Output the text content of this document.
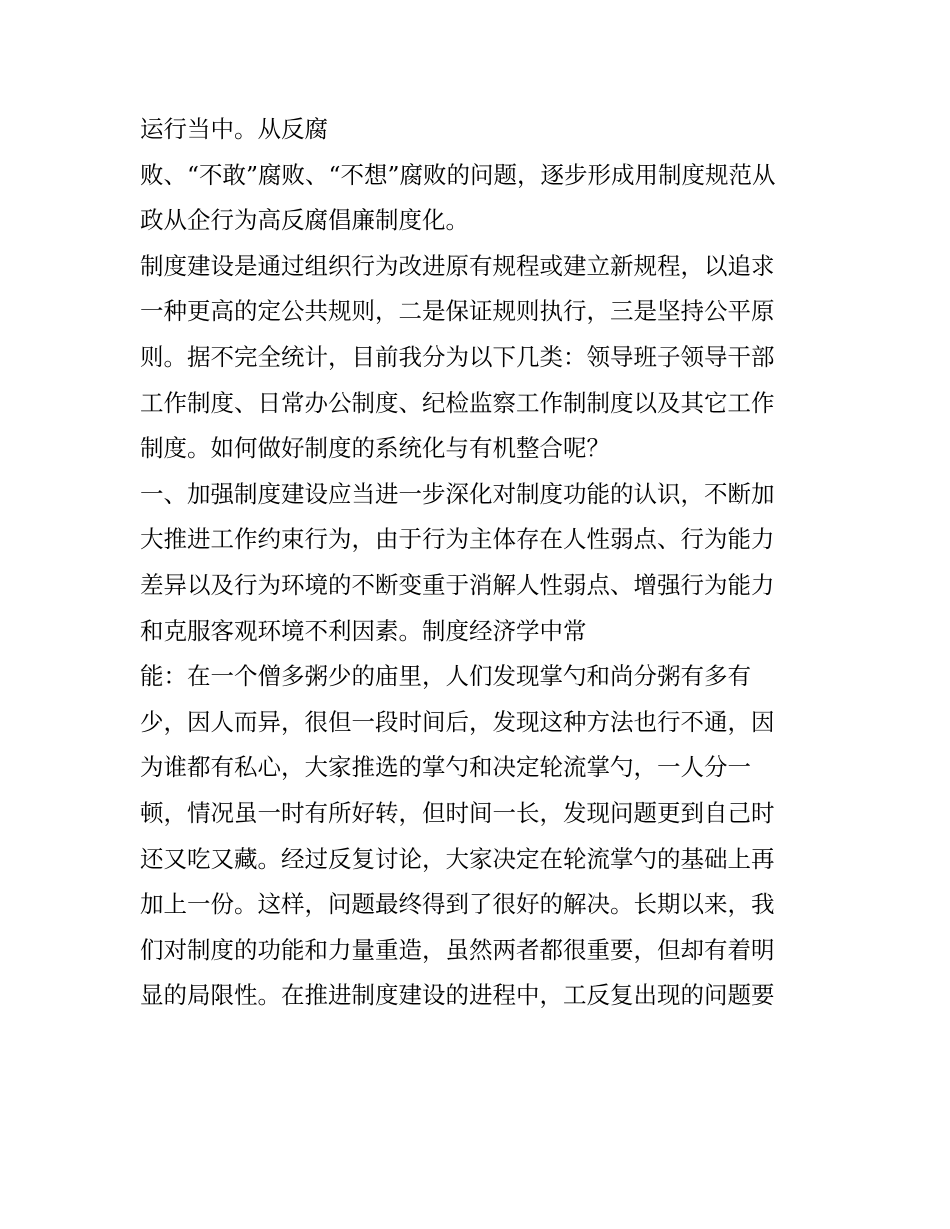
运行当中。从反腐
败、“不敢”腐败、“不想”腐败的问题，逐步形成用制度规范从
政从企行为高反腐倡廉制度化。
制度建设是通过组织行为改进原有规程或建立新规程，以追求
一种更高的定公共规则，二是保证规则执行，三是坚持公平原
则。据不完全统计，目前我分为以下几类：领导班子领导干部
工作制度、日常办公制度、纪检监察工作制制度以及其它工作
制度。如何做好制度的系统化与有机整合呢？
一、加强制度建设应当进一步深化对制度功能的认识，不断加
大推进工作约束行为，由于行为主体存在人性弱点、行为能力
差异以及行为环境的不断变重于消解人性弱点、增强行为能力
和克服客观环境不利因素。制度经济学中常
能：在一个僧多粥少的庙里，人们发现掌勺和尚分粥有多有
少，因人而异，很但一段时间后，发现这种方法也行不通，因
为谁都有私心，大家推选的掌勺和决定轮流掌勺，一人分一
顿，情况虽一时有所好转，但时间一长，发现问题更到自己时
还又吃又藏。经过反复讨论，大家决定在轮流掌勺的基础上再
加上一份。这样，问题最终得到了很好的解决。长期以来，我
们对制度的功能和力量重造，虽然两者都很重要，但却有着明
显的局限性。在推进制度建设的进程中，工反复出现的问题要
